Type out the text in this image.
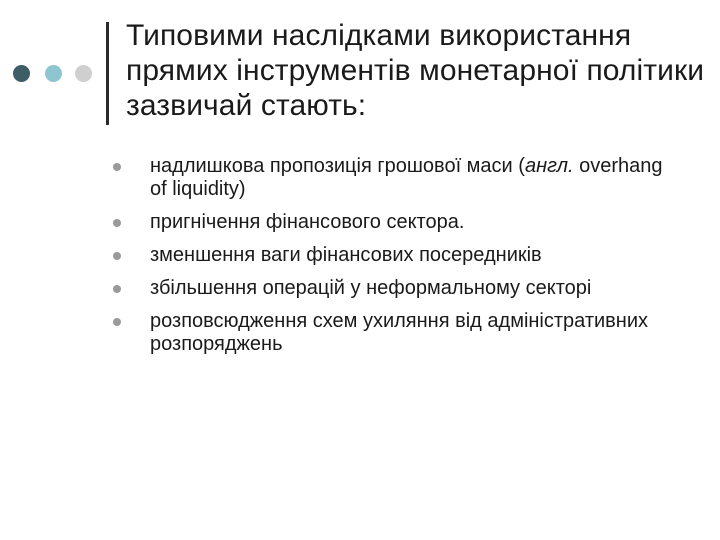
Типовими наслідками використання прямих інструментів монетарної політики зазвичай стають:
надлишкова пропозиція грошової маси (англ. overhang of liquidity)
пригнічення фінансового сектора.
зменшення ваги фінансових посередників
збільшення операцій у неформальному секторі
розповсюдження схем ухиляння від адміністративних розпоряджень
